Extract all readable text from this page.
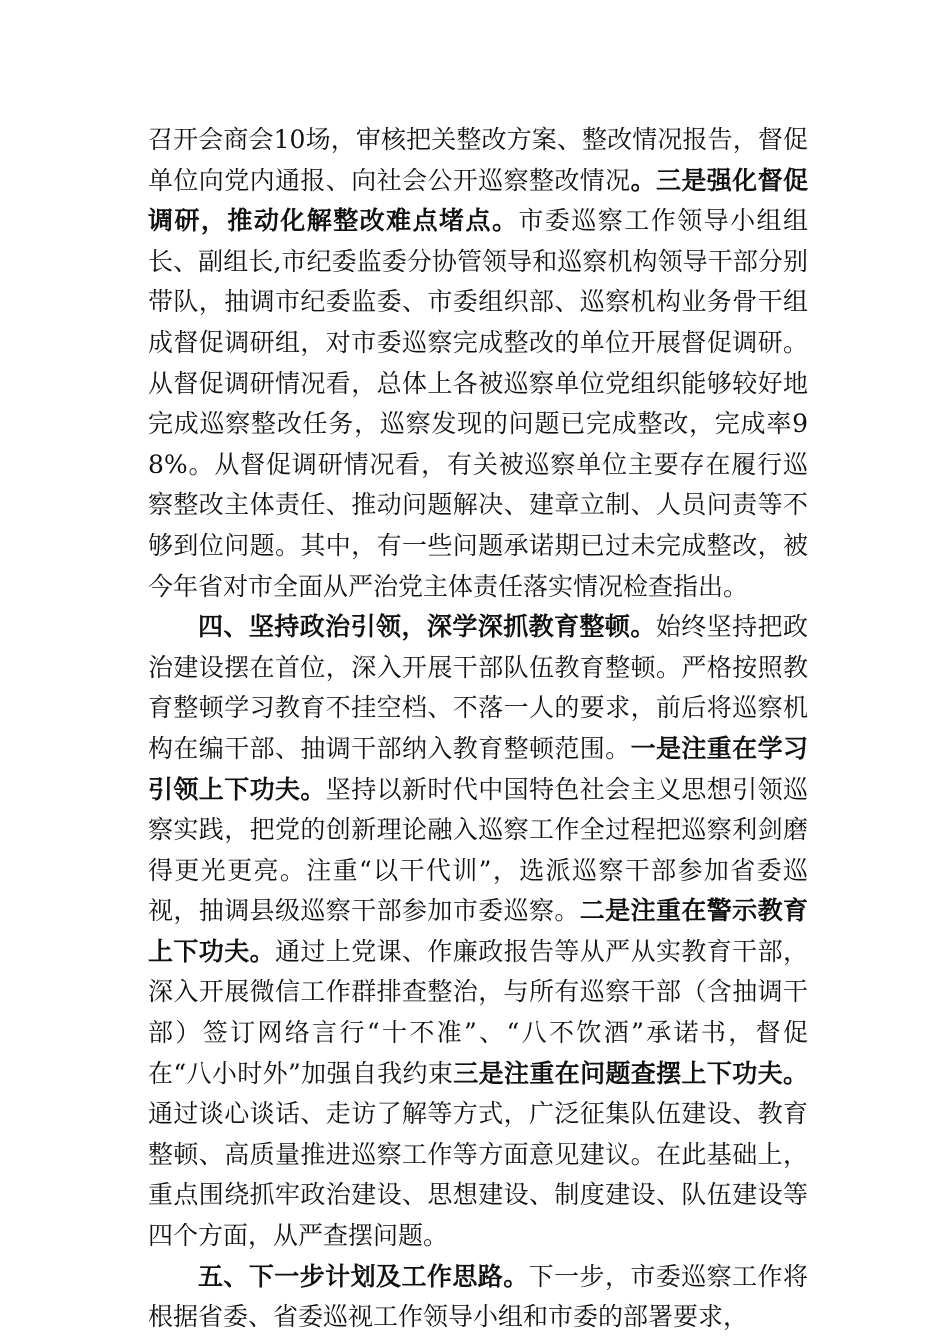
召开会商会10场，审核把关整改方案、整改情况报告，督促单位向党内通报、向社会公开巡察整改情况。三是强化督促调研，推动化解整改难点堵点。市委巡察工作领导小组组长、副组长,市纪委监委分协管领导和巡察机构领导干部分别带队，抽调市纪委监委、市委组织部、巡察机构业务骨干组成督促调研组，对市委巡察完成整改的单位开展督促调研。从督促调研情况看，总体上各被巡察单位党组织能够较好地完成巡察整改任务，巡察发现的问题已完成整改，完成率98%。从督促调研情况看，有关被巡察单位主要存在履行巡察整改主体责任、推动问题解决、建章立制、人员问责等不够到位问题。其中，有一些问题承诺期已过未完成整改，被今年省对市全面从严治党主体责任落实情况检查指出。

四、坚持政治引领，深学深抓教育整顿。始终坚持把政治建设摆在首位，深入开展干部队伍教育整顿。严格按照教育整顿学习教育不挂空档、不落一人的要求，前后将巡察机构在编干部、抽调干部纳入教育整顿范围。一是注重在学习引领上下功夫。坚持以新时代中国特色社会主义思想引领巡察实践，把党的创新理论融入巡察工作全过程把巡察利剑磨得更光更亮。注重“以干代训”，选派巡察干部参加省委巡视，抽调县级巡察干部参加市委巡察。二是注重在警示教育上下功夫。通过上党课、作廉政报告等从严从实教育干部，深入开展微信工作群排查整治，与所有巡察干部（含抽调干部）签订网络言行“十不准”、“八不饮酒”承诺书，督促在“八小时外”加强自我约束三是注重在问题查摆上下功夫。通过谈心谈话、走访了解等方式，广泛征集队伍建设、教育整顿、高质量推进巡察工作等方面意见建议。在此基础上，重点围绕抓牢政治建设、思想建设、制度建设、队伍建设等四个方面，从严查摆问题。

五、下一步计划及工作思路。下一步，市委巡察工作将根据省委、省委巡视工作领导小组和市委的部署要求，
